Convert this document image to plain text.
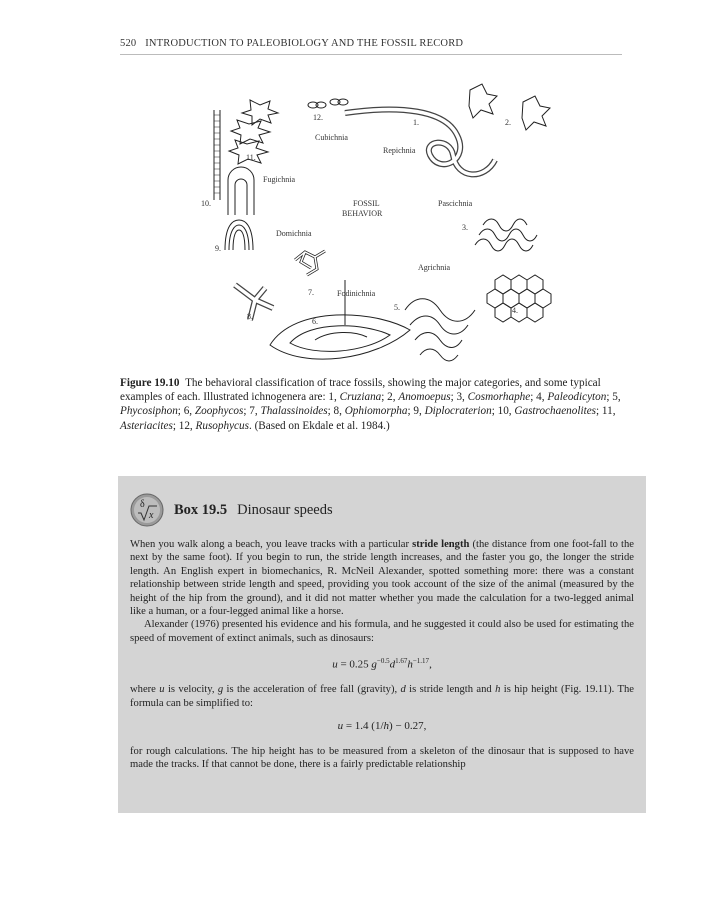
520 INTRODUCTION TO PALEOBIOLOGY AND THE FOSSIL RECORD
Cubichnia
Repichnia
Fugichnia
Pascichnia
FOSSIL
BEHAVIOR
Domichnia
Agrichnia
Fodinichnia
1.	2.
3.
4.
5.
6.
7.
8.
9.
10.
11.
12.
Figure 19.10 The behavioral classification of trace fossils, showing the major categories, and some typical examples of each. Illustrated ichnogenera are: 1, Cruziana; 2, Anomoepus; 3, Cosmorhaphe; 4, Paleodicyton; 5, Phycosiphon; 6, Zoophycos; 7, Thalassinoides; 8, Ophiomorpha; 9, Diplocraterion; 10, Gastrochaenolites; 11, Asteriacites; 12, Rusophycus. (Based on Ekdale et al. 1984.)
δ
x Box 19.5 Dinosaur speeds

When you walk along a beach, you leave tracks with a particular stride length (the distance from one foot-fall to the next by the same foot). If you begin to run, the stride length increases, and the faster you go, the longer the stride length. An English expert in biomechanics, R. McNeil Alexander, spotted something more: there was a constant relationship between stride length and speed, providing you took account of the size of the animal (measured by the height of the hip from the ground), and it did not matter whether you made the calculation for a two-legged animal like a human, or a four-legged animal like a horse.

Alexander (1976) presented his evidence and his formula, and he suggested it could also be used for estimating the speed of movement of extinct animals, such as dinosaurs:

u = 0.25 $g^{-0.5}d^{1.67}h^{-1.17}$,

where u is velocity, g is the acceleration of free fall (gravity), d is stride length and h is hip height (Fig. 19.11). The formula can be simplified to:

u = 1.4 (1/h) − 0.27,

for rough calculations. The hip height has to be measured from a skeleton of the dinosaur that is supposed to have made the tracks. If that cannot be done, there is a fairly predictable relationship
